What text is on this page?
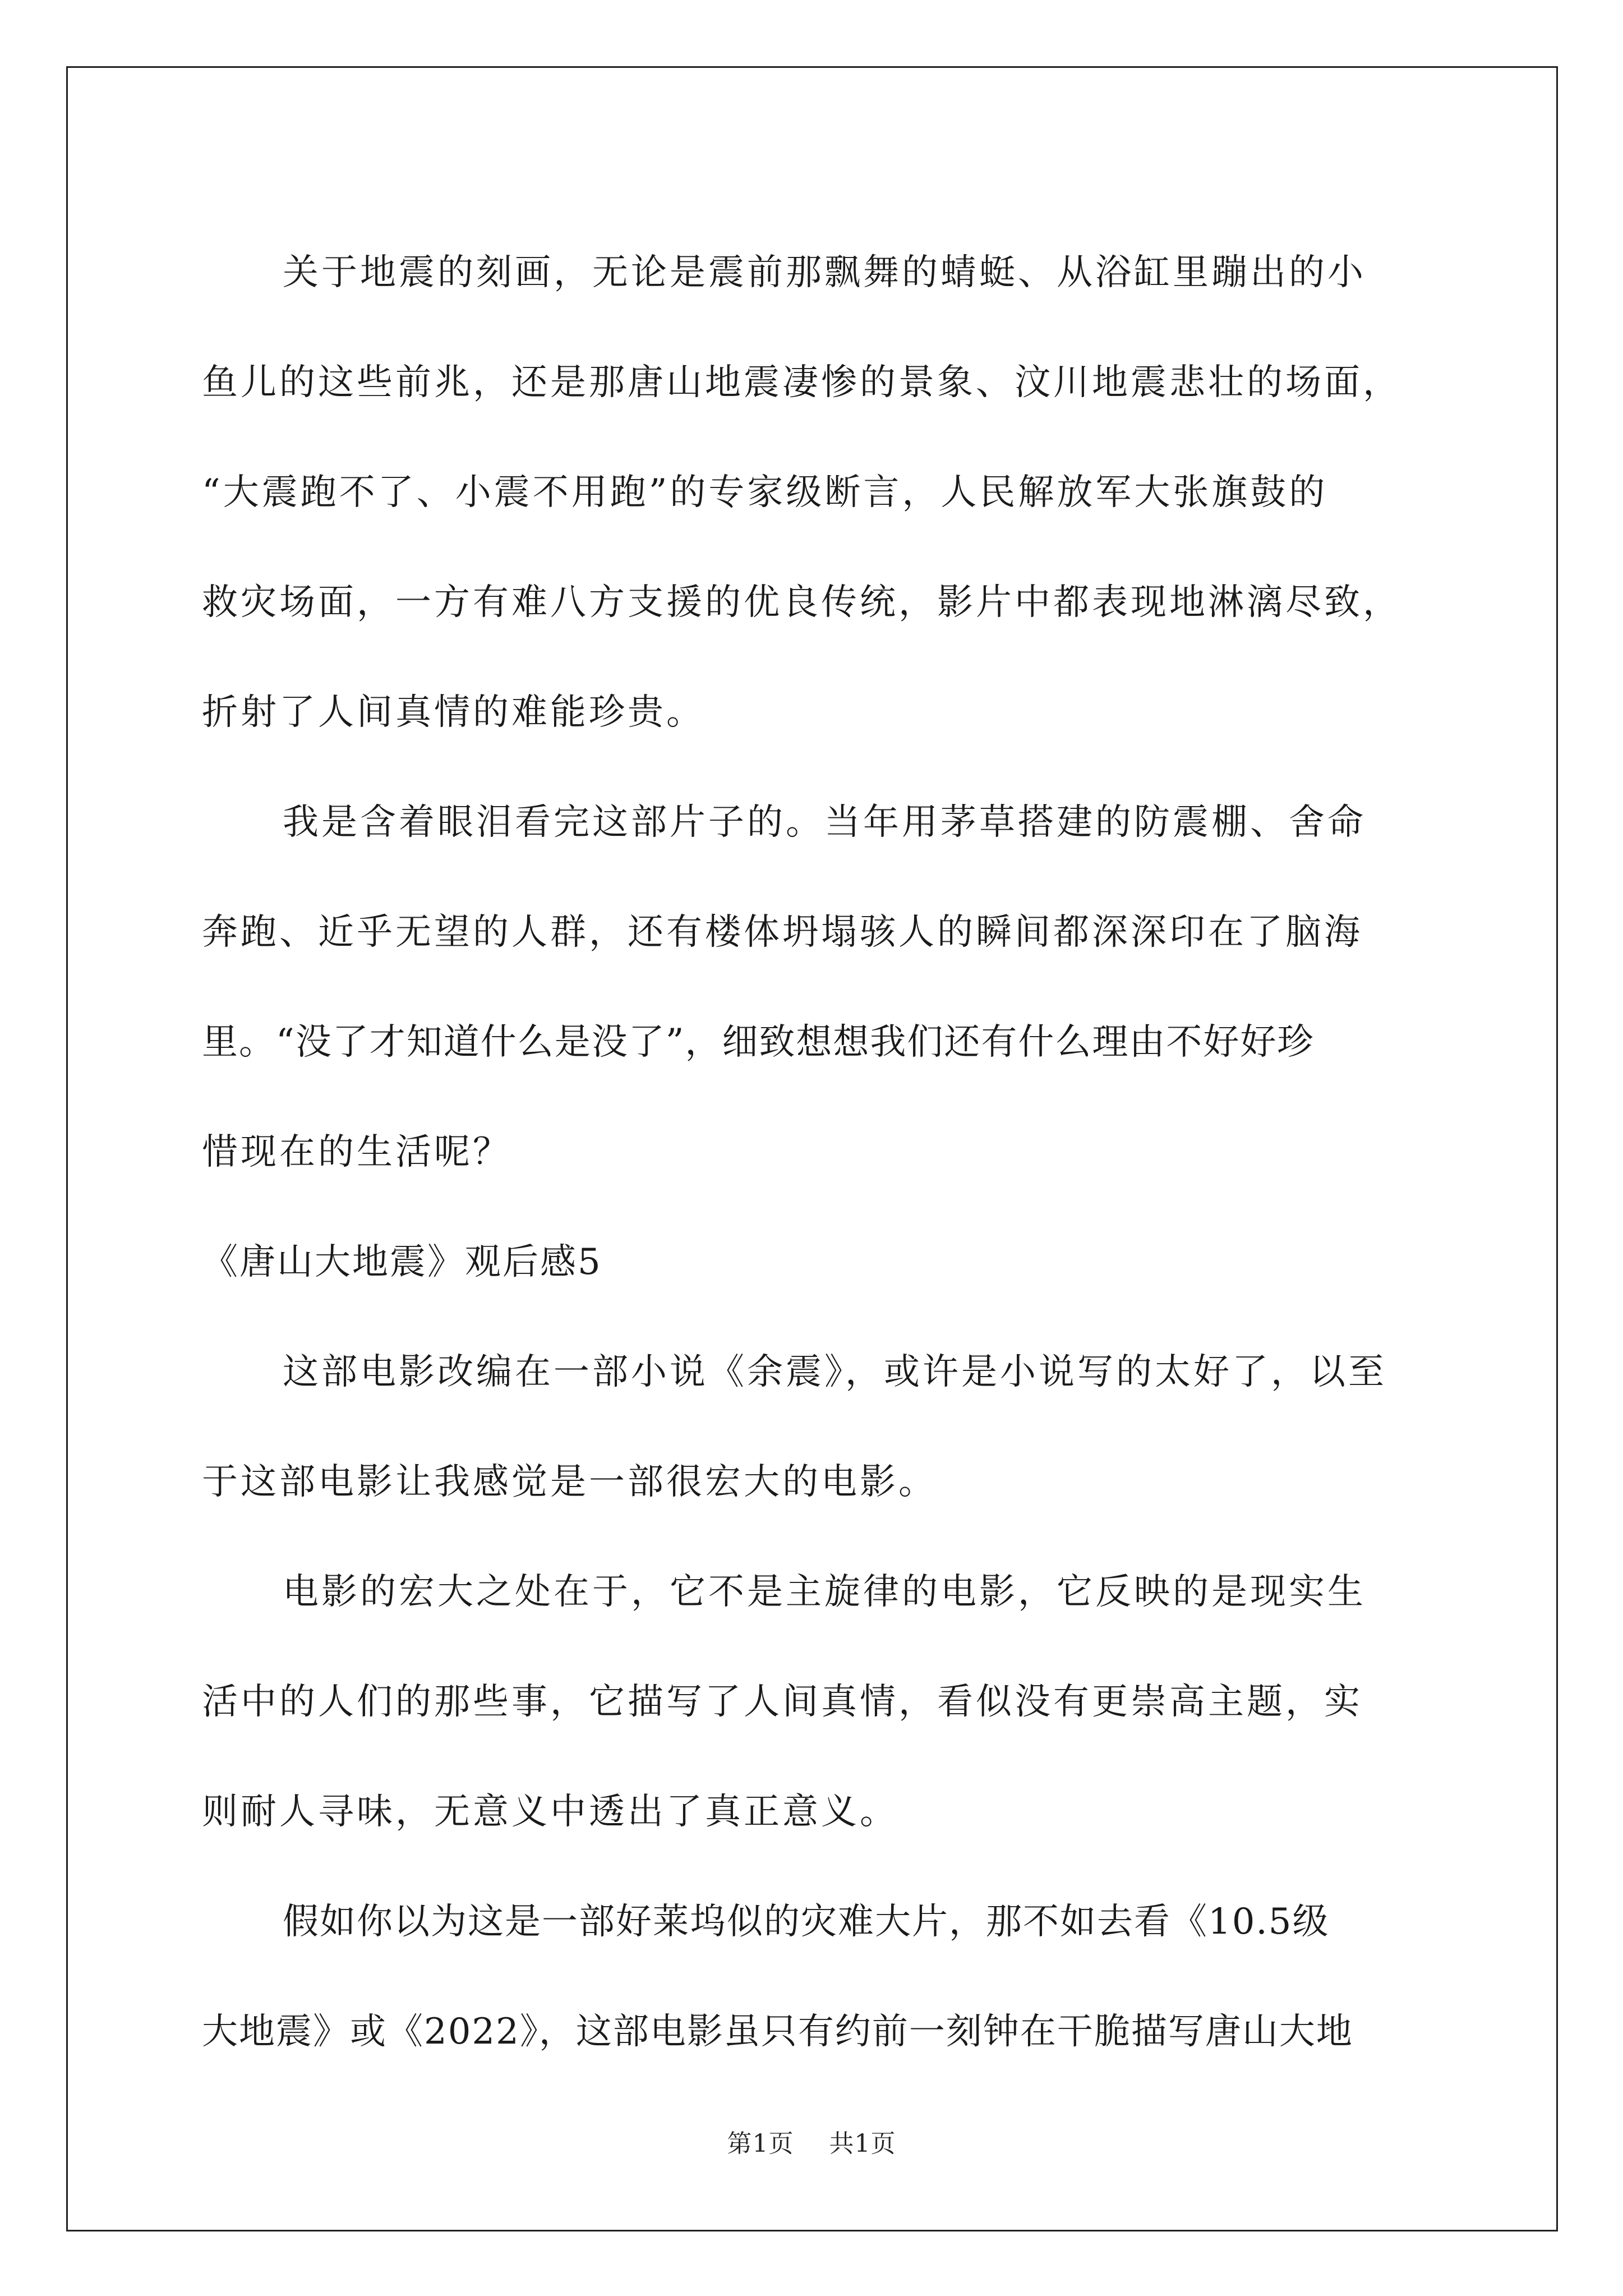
关于地震的刻画，无论是震前那飘舞的蜻蜓、从浴缸里蹦出的小
鱼儿的这些前兆，还是那唐山地震凄惨的景象、汶川地震悲壮的场面，
“大震跑不了、小震不用跑”的专家级断言，人民解放军大张旗鼓的
救灾场面，一方有难八方支援的优良传统，影片中都表现地淋漓尽致，
折射了人间真情的难能珍贵。
我是含着眼泪看完这部片子的。当年用茅草搭建的防震棚、舍命
奔跑、近乎无望的人群，还有楼体坍塌骇人的瞬间都深深印在了脑海
里。“没了才知道什么是没了”，细致想想我们还有什么理由不好好珍
惜现在的生活呢？
《唐山大地震》观后感5
这部电影改编在一部小说《余震》，或许是小说写的太好了，以至
于这部电影让我感觉是一部很宏大的电影。
电影的宏大之处在于，它不是主旋律的电影，它反映的是现实生
活中的人们的那些事，它描写了人间真情，看似没有更崇高主题，实
则耐人寻味，无意义中透出了真正意义。
假如你以为这是一部好莱坞似的灾难大片，那不如去看《10.5级
大地震》或《2022》，这部电影虽只有约前一刻钟在干脆描写唐山大地
第1页 共1页
